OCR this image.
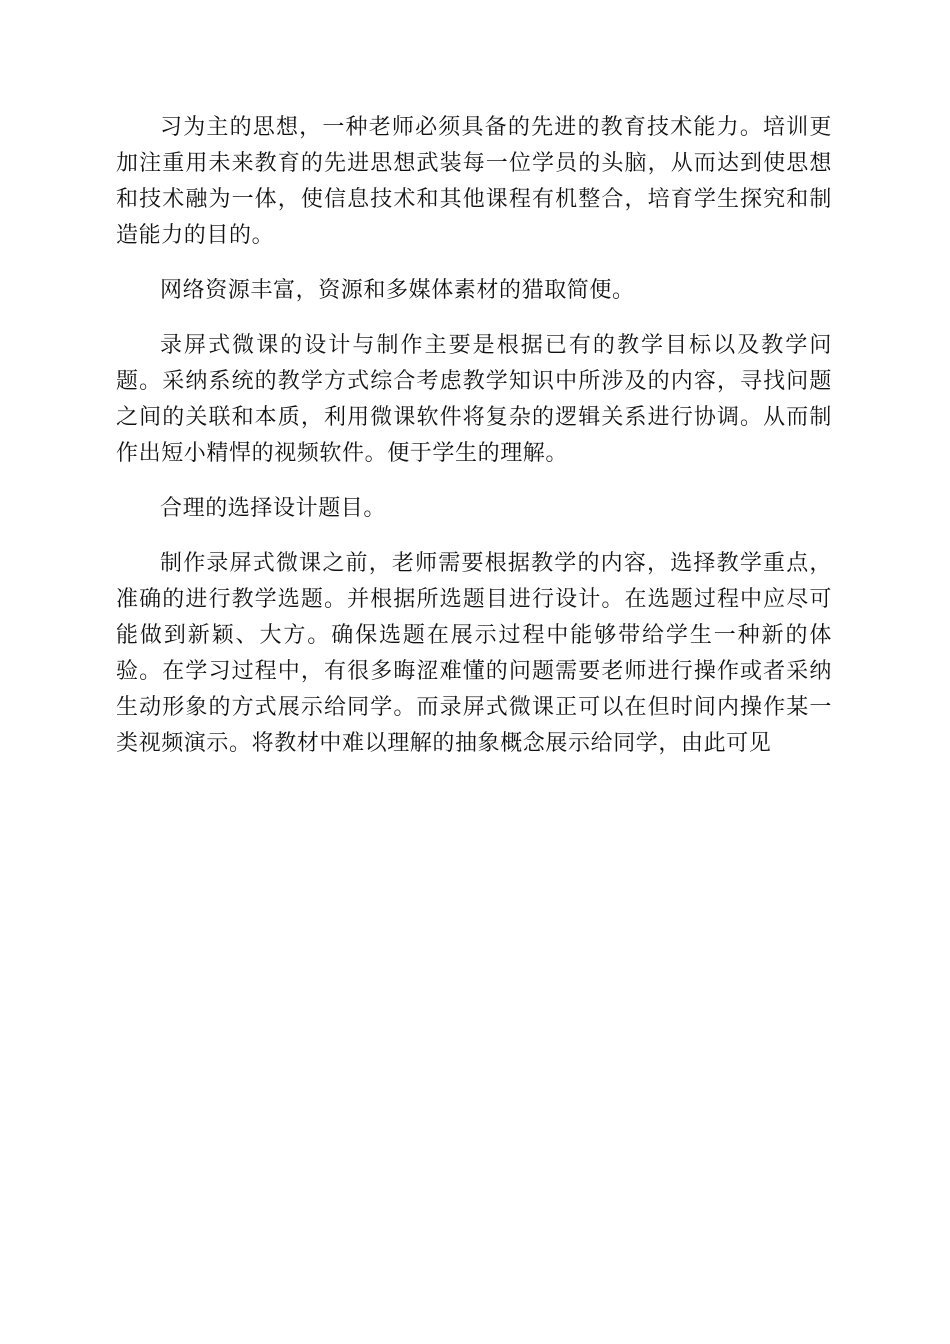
习为主的思想，一种老师必须具备的先进的教育技术能力。培训更加注重用未来教育的先进思想武装每一位学员的头脑，从而达到使思想和技术融为一体，使信息技术和其他课程有机整合，培育学生探究和制造能力的目的。

网络资源丰富，资源和多媒体素材的猎取简便。

录屏式微课的设计与制作主要是根据已有的教学目标以及教学问题。采纳系统的教学方式综合考虑教学知识中所涉及的内容，寻找问题之间的关联和本质，利用微课软件将复杂的逻辑关系进行协调。从而制作出短小精悍的视频软件。便于学生的理解。

合理的选择设计题目。

制作录屏式微课之前，老师需要根据教学的内容，选择教学重点，准确的进行教学选题。并根据所选题目进行设计。在选题过程中应尽可能做到新颖、大方。确保选题在展示过程中能够带给学生一种新的体验。在学习过程中，有很多晦涩难懂的问题需要老师进行操作或者采纳生动形象的方式展示给同学。而录屏式微课正可以在但时间内操作某一类视频演示。将教材中难以理解的抽象概念展示给同学，由此可见
